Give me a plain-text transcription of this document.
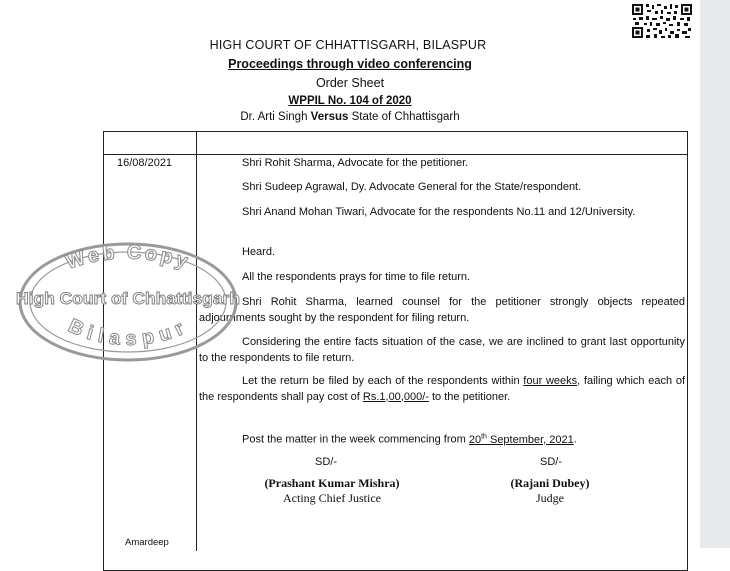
HIGH COURT OF CHHATTISGARH, BILASPUR
Proceedings through video conferencing
Order Sheet
WPPIL No. 104 of 2020
Dr. Arti Singh Versus State of Chhattisgarh
16/08/2021	Shri Rohit Sharma, Advocate for the petitioner.
Shri Sudeep Agrawal, Dy. Advocate General for the State/respondent.
Shri Anand Mohan Tiwari, Advocate for the respondents No.11 and 12/University.
Heard.
All the respondents prays for time to file return.
Shri Rohit Sharma, learned counsel for the petitioner strongly objects repeated adjournments sought by the respondent for filing return.
Considering the entire facts situation of the case, we are inclined to grant last opportunity to the respondents to file return.
Let the return be filed by each of the respondents within four weeks, failing which each of the respondents shall pay cost of Rs.1,00,000/- to the petitioner.
Post the matter in the week commencing from 20th September, 2021.
SD/-	SD/-
(Prashant Kumar Mishra)
Acting Chief Justice
(Rajani Dubey)
Judge
Amardeep
Web Copy
High Court of Chhattisgarh
Bilaspur
